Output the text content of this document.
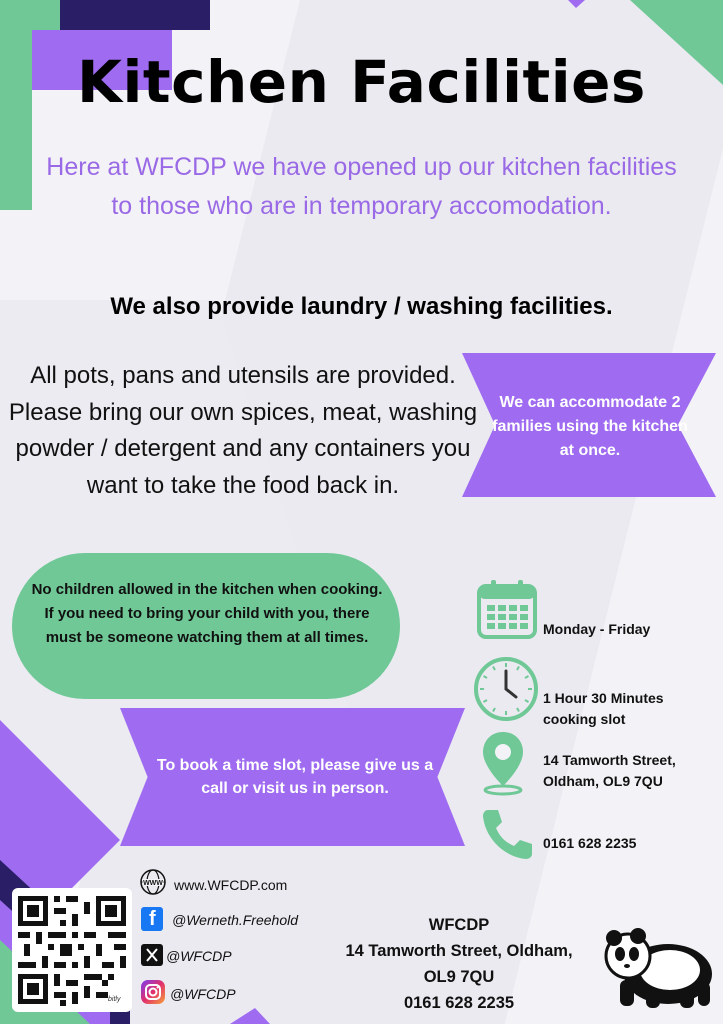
Kitchen Facilities
Here at WFCDP we have opened up our kitchen facilities to those who are in temporary accomodation.
We also provide laundry / washing facilities.
All pots, pans and utensils are provided. Please bring our own spices, meat, washing powder / detergent and any containers you want to take the food back in.
We can accommodate 2 families using the kitchen at once.
No children allowed in the kitchen when cooking. If you need to bring your child with you, there must be someone watching them at all times.
To book a time slot, please give us a call or visit us in person.
Monday - Friday
1 Hour 30 Minutes
cooking slot
14 Tamworth Street,
Oldham, OL9 7QU
0161 628 2235
bitly
WWW www.WFCDP.com
f @Werneth.Freehold
@WFCDP
@WFCDP
WFCDP
14 Tamworth Street, Oldham,
OL9 7QU
0161 628 2235
